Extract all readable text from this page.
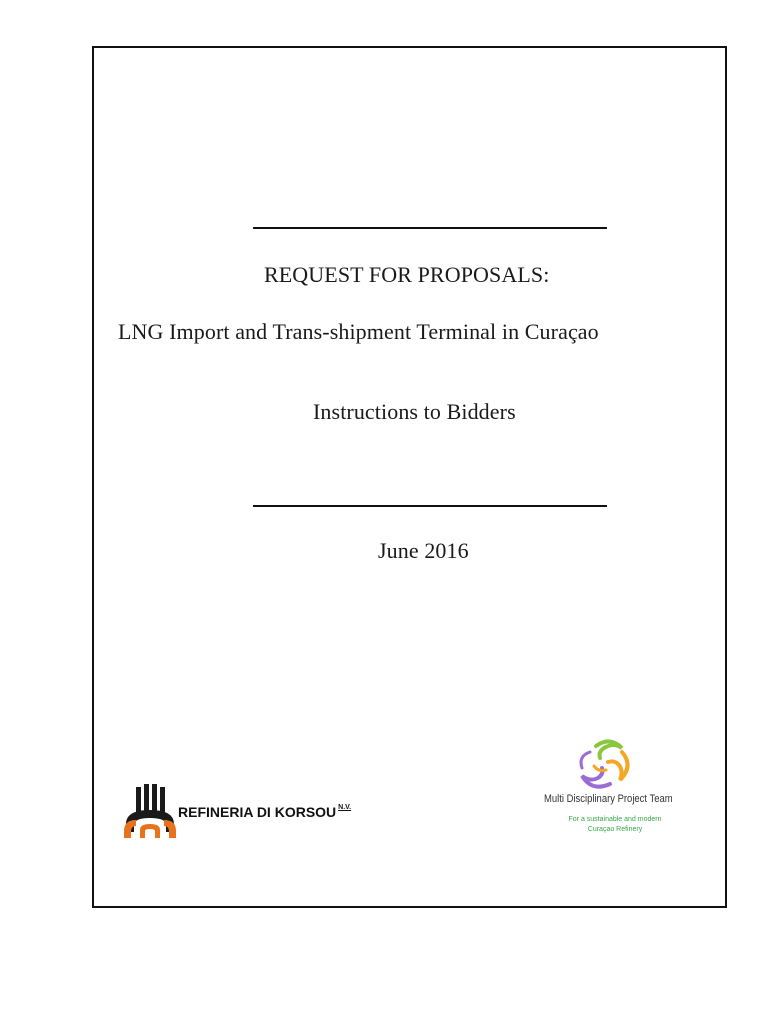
REQUEST FOR PROPOSALS:
LNG Import and Trans-shipment Terminal in Curaçao
Instructions to Bidders
June 2016
REFINERIA DI KORSOU $^{N.V.}$
Multi Disciplinary Project Team
For a sustainable and modern
Curaçao Refinery
